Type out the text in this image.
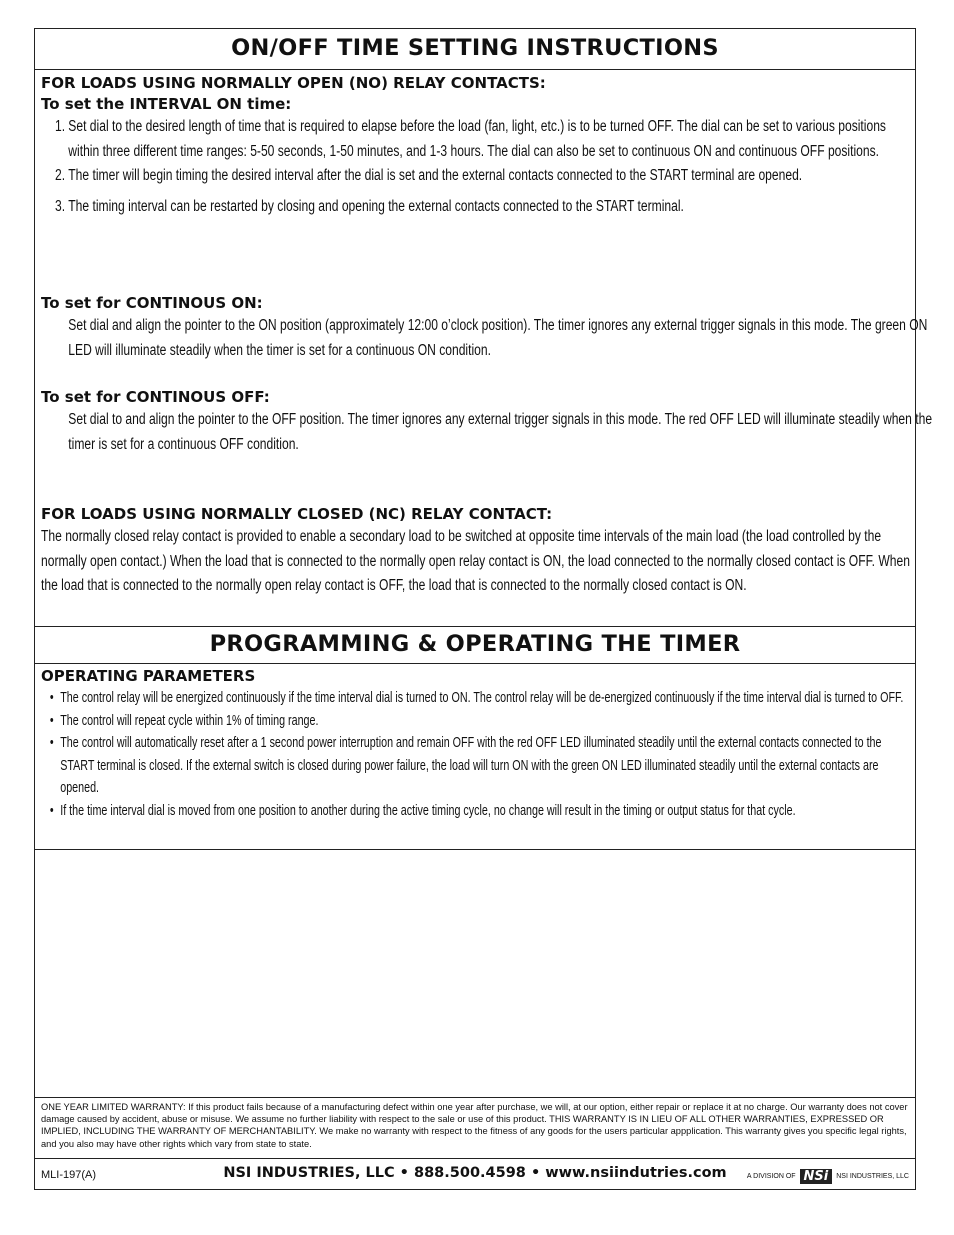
ON/OFF TIME SETTING INSTRUCTIONS
FOR LOADS USING NORMALLY OPEN (NO) RELAY CONTACTS:
To set the INTERVAL ON time:
1. Set dial to the desired length of time that is required to elapse before the load (fan, light, etc.) is to be turned OFF. The dial can be set to various positions within three different time ranges: 5-50 seconds, 1-50 minutes, and 1-3 hours. The dial can also be set to continuous ON and continuous OFF positions.
2. The timer will begin timing the desired interval after the dial is set and the external contacts connected to the START terminal are opened.
3. The timing interval can be restarted by closing and opening the external contacts connected to the START terminal.
To set for CONTINOUS ON:
Set dial and align the pointer to the ON position (approximately 12:00 o’clock position). The timer ignores any external trigger signals in this mode. The green ON LED will illuminate steadily when the timer is set for a continuous ON condition.
To set for CONTINOUS OFF:
Set dial to and align the pointer to the OFF position. The timer ignores any external trigger signals in this mode. The red OFF LED will illuminate steadily when the timer is set for a continuous OFF condition.
FOR LOADS USING NORMALLY CLOSED (NC) RELAY CONTACT:
The normally closed relay contact is provided to enable a secondary load to be switched at opposite time intervals of the main load (the load controlled by the normally open contact.) When the load that is connected to the normally open relay contact is ON, the load connected to the normally closed contact is OFF. When the load that is connected to the normally open relay contact is OFF, the load that is connected to the normally closed contact is ON.
PROGRAMMING & OPERATING THE TIMER
OPERATING PARAMETERS
• The control relay will be energized continuously if the time interval dial is turned to ON. The control relay will be de-energized continuously if the time interval dial is turned to OFF.
• The control will repeat cycle within 1% of timing range.
• The control will automatically reset after a 1 second power interruption and remain OFF with the red OFF LED illuminated steadily until the external contacts connected to the START terminal is closed. If the external switch is closed during power failure, the load will turn ON with the green ON LED illuminated steadily until the external contacts are opened.
• If the time interval dial is moved from one position to another during the active timing cycle, no change will result in the timing or output status for that cycle.
ONE YEAR LIMITED WARRANTY: If this product fails because of a manufacturing defect within one year after purchase, we will, at our option, either repair or replace it at no charge. Our warranty does not cover damage caused by accident, abuse or misuse. We assume no further liability with respect to the sale or use of this product. THIS WARRANTY IS IN LIEU OF ALL OTHER WARRANTIES, EXPRESSED OR IMPLIED, INCLUDING THE WARRANTY OF MERCHANTABILITY. We make no warranty with respect to the fitness of any goods for the users particular appplication. This warranty gives you specific legal rights, and you also may have other rights which vary from state to state.
MLI-197(A)	NSI INDUSTRIES, LLC • 888.500.4598 • www.nsiindutries.com	A DIVISION OF NSi	NSI INDUSTRIES, LLC
